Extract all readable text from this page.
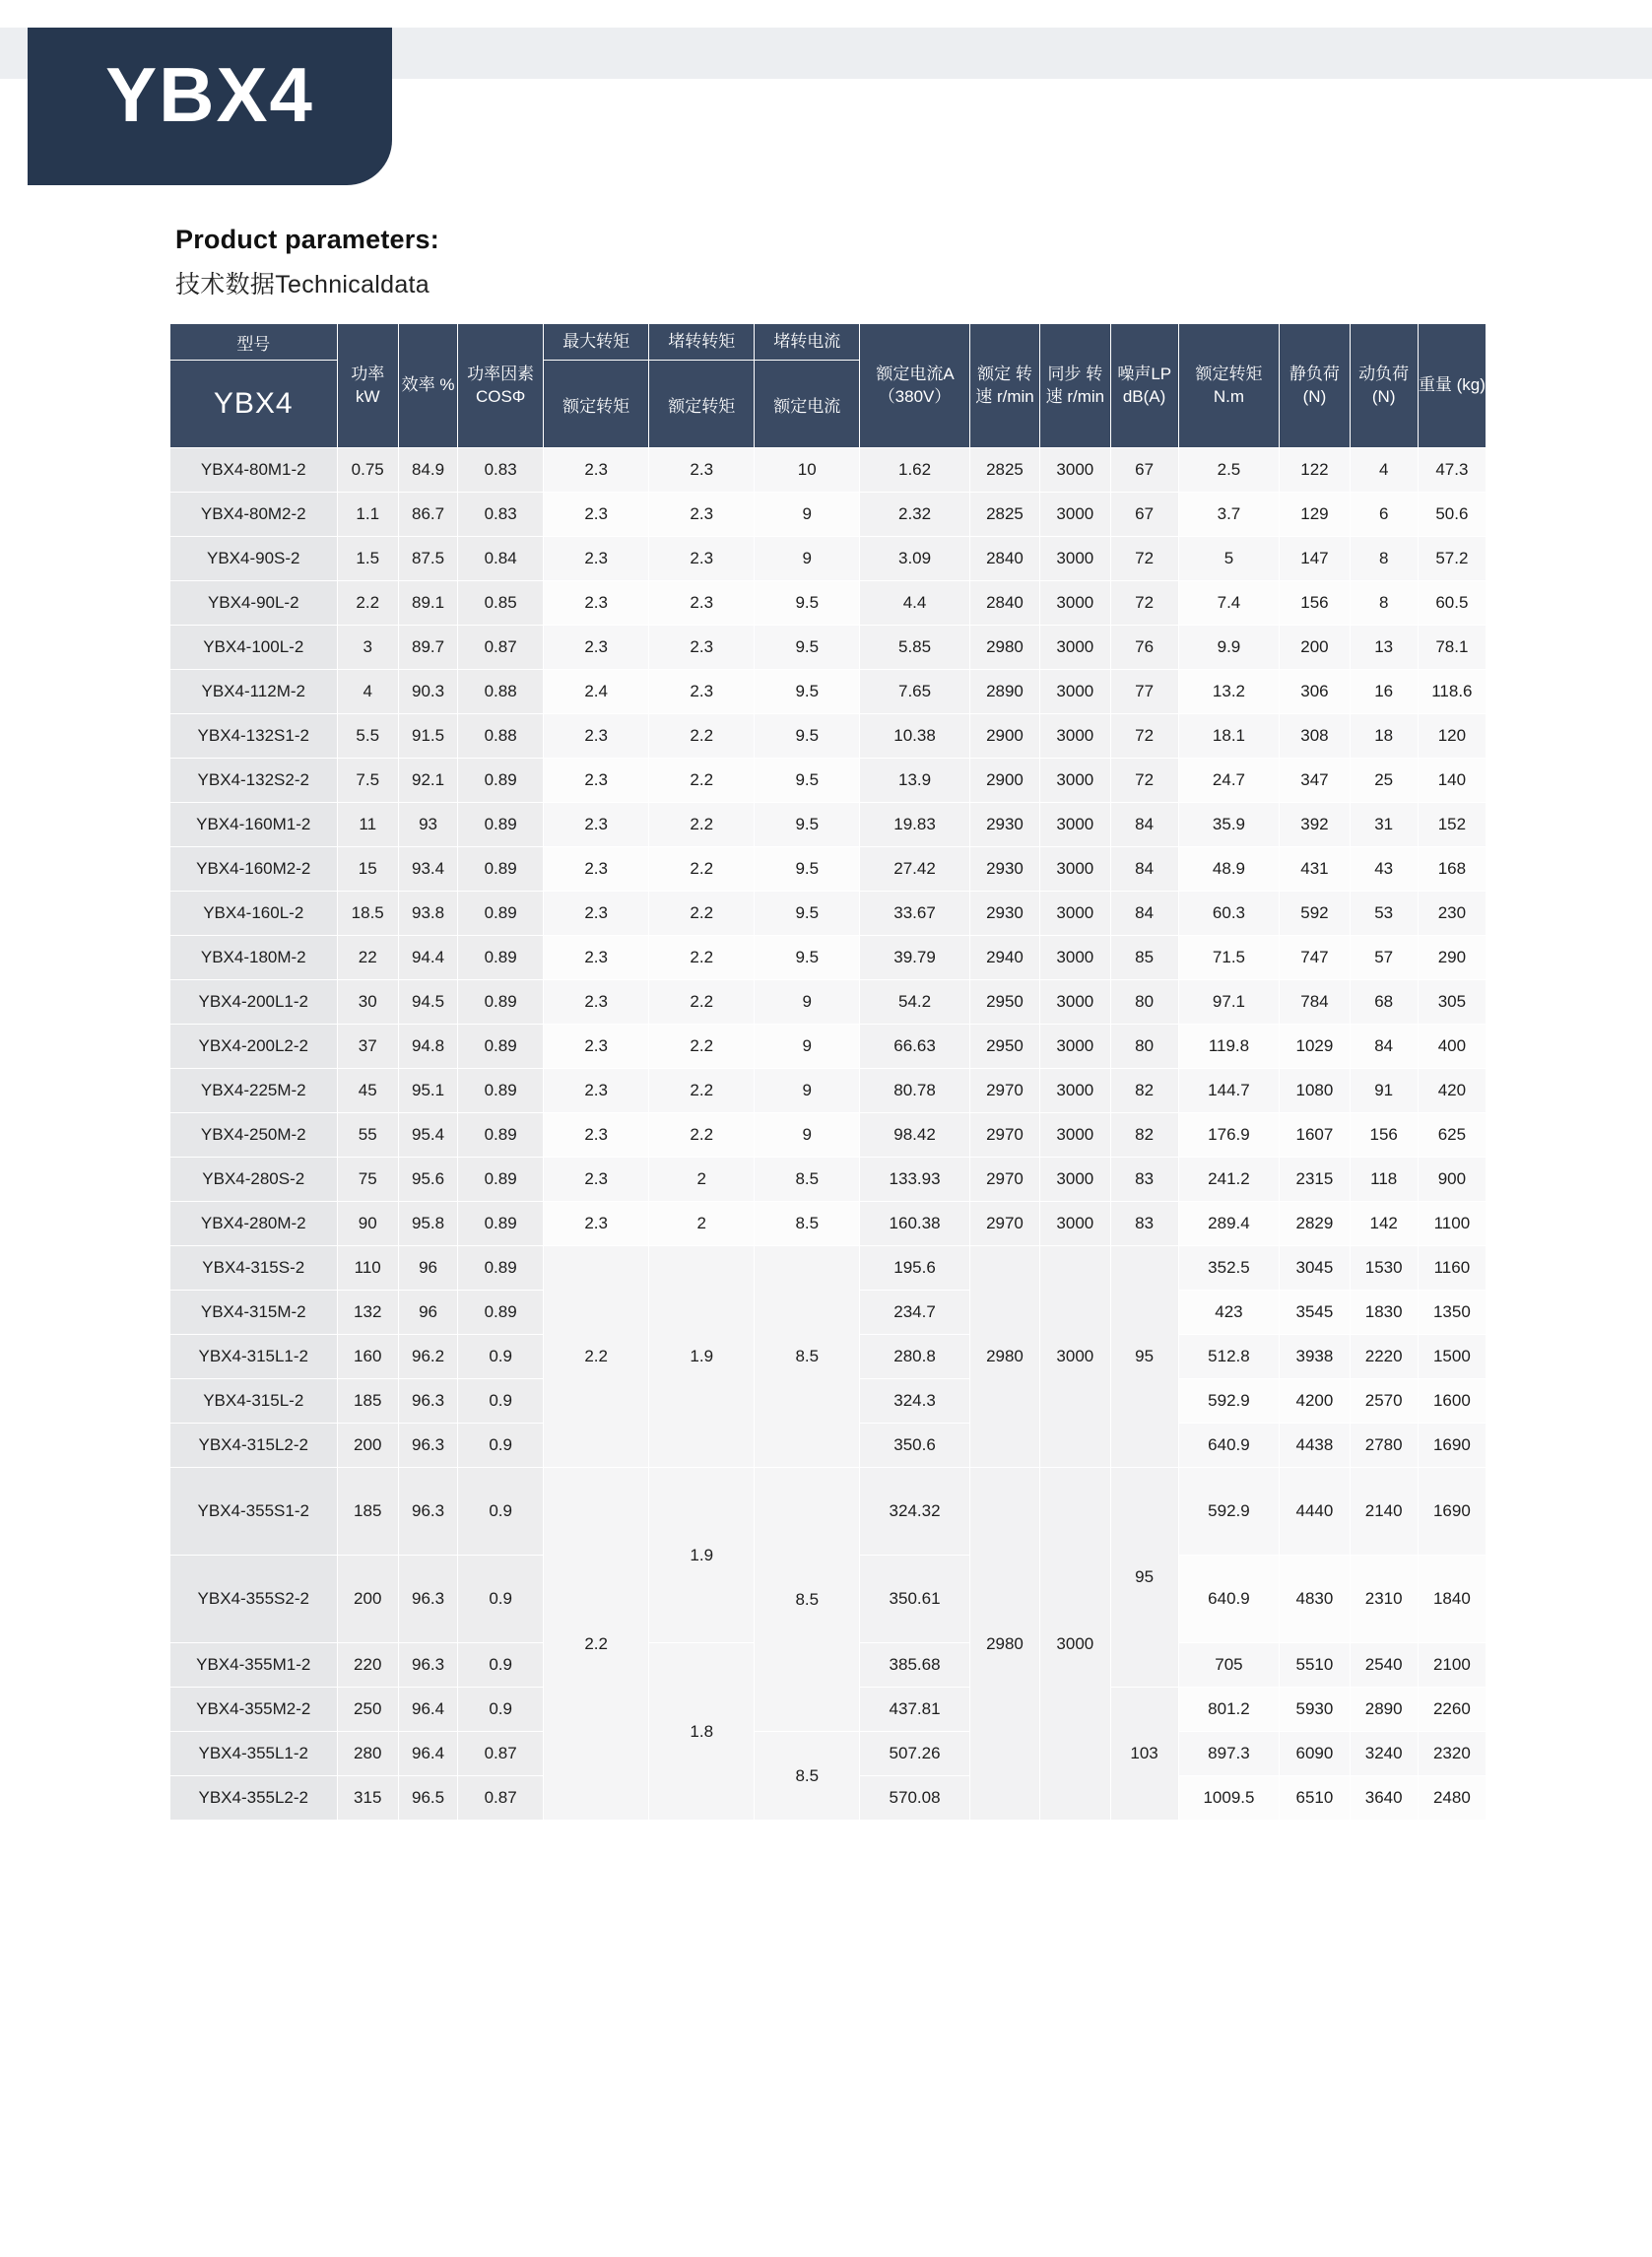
YBX4
Product parameters:
技术数据Technicaldata
型号	功率 kW	效率 %	功率因素 COSΦ	最大转矩	堵转转矩	堵转电流	额定电流A （380V）	额定 转速 r/min	同步 转速 r/min	噪声LP dB(A)	额定转矩 N.m	静负荷 (N)	动负荷 (N)	重量 (kg)
YBX4														
				额定转矩	额定转矩	额定电流								
YBX4-80M1-2	0.75	84.9	0.83	2.3	2.3	10	1.62	2825	3000	67	2.5	122	4	47.3
YBX4-80M2-2	1.1	86.7	0.83	2.3	2.3	9	2.32	2825	3000	67	3.7	129	6	50.6
YBX4-90S-2	1.5	87.5	0.84	2.3	2.3	9	3.09	2840	3000	72	5	147	8	57.2
YBX4-90L-2	2.2	89.1	0.85	2.3	2.3	9.5	4.4	2840	3000	72	7.4	156	8	60.5
YBX4-100L-2	3	89.7	0.87	2.3	2.3	9.5	5.85	2980	3000	76	9.9	200	13	78.1
YBX4-112M-2	4	90.3	0.88	2.4	2.3	9.5	7.65	2890	3000	77	13.2	306	16	118.6
YBX4-132S1-2	5.5	91.5	0.88	2.3	2.2	9.5	10.38	2900	3000	72	18.1	308	18	120
YBX4-132S2-2	7.5	92.1	0.89	2.3	2.2	9.5	13.9	2900	3000	72	24.7	347	25	140
YBX4-160M1-2	11	93	0.89	2.3	2.2	9.5	19.83	2930	3000	84	35.9	392	31	152
YBX4-160M2-2	15	93.4	0.89	2.3	2.2	9.5	27.42	2930	3000	84	48.9	431	43	168
YBX4-160L-2	18.5	93.8	0.89	2.3	2.2	9.5	33.67	2930	3000	84	60.3	592	53	230
YBX4-180M-2	22	94.4	0.89	2.3	2.2	9.5	39.79	2940	3000	85	71.5	747	57	290
YBX4-200L1-2	30	94.5	0.89	2.3	2.2	9	54.2	2950	3000	80	97.1	784	68	305
YBX4-200L2-2	37	94.8	0.89	2.3	2.2	9	66.63	2950	3000	80	119.8	1029	84	400
YBX4-225M-2	45	95.1	0.89	2.3	2.2	9	80.78	2970	3000	82	144.7	1080	91	420
YBX4-250M-2	55	95.4	0.89	2.3	2.2	9	98.42	2970	3000	82	176.9	1607	156	625
YBX4-280S-2	75	95.6	0.89	2.3	2	8.5	133.93	2970	3000	83	241.2	2315	118	900
YBX4-280M-2	90	95.8	0.89	2.3	2	8.5	160.38	2970	3000	83	289.4	2829	142	1100
YBX4-315S-2	110	96	0.89	2.2	1.9	8.5	195.6	2980	3000	95	352.5	3045	1530	1160
YBX4-315M-2	132	96	0.89				234.7				423	3545	1830	1350
YBX4-315L1-2	160	96.2	0.9				280.8				512.8	3938	2220	1500
YBX4-315L-2	185	96.3	0.9				324.3				592.9	4200	2570	1600
YBX4-315L2-2	200	96.3	0.9				350.6				640.9	4438	2780	1690
YBX4-355S1-2	185	96.3	0.9	2.2	1.9	8.5	324.32	2980	3000	95	592.9	4440	2140	1690
YBX4-355S2-2	200	96.3	0.9				350.61				640.9	4830	2310	1840
YBX4-355M1-2	220	96.3	0.9		1.8		385.68				705	5510	2540	2100
YBX4-355M2-2	250	96.4	0.9				437.81			103	801.2	5930	2890	2260
YBX4-355L1-2	280	96.4	0.87			8.5	507.26				897.3	6090	3240	2320
YBX4-355L2-2	315	96.5	0.87				570.08				1009.5	6510	3640	2480
